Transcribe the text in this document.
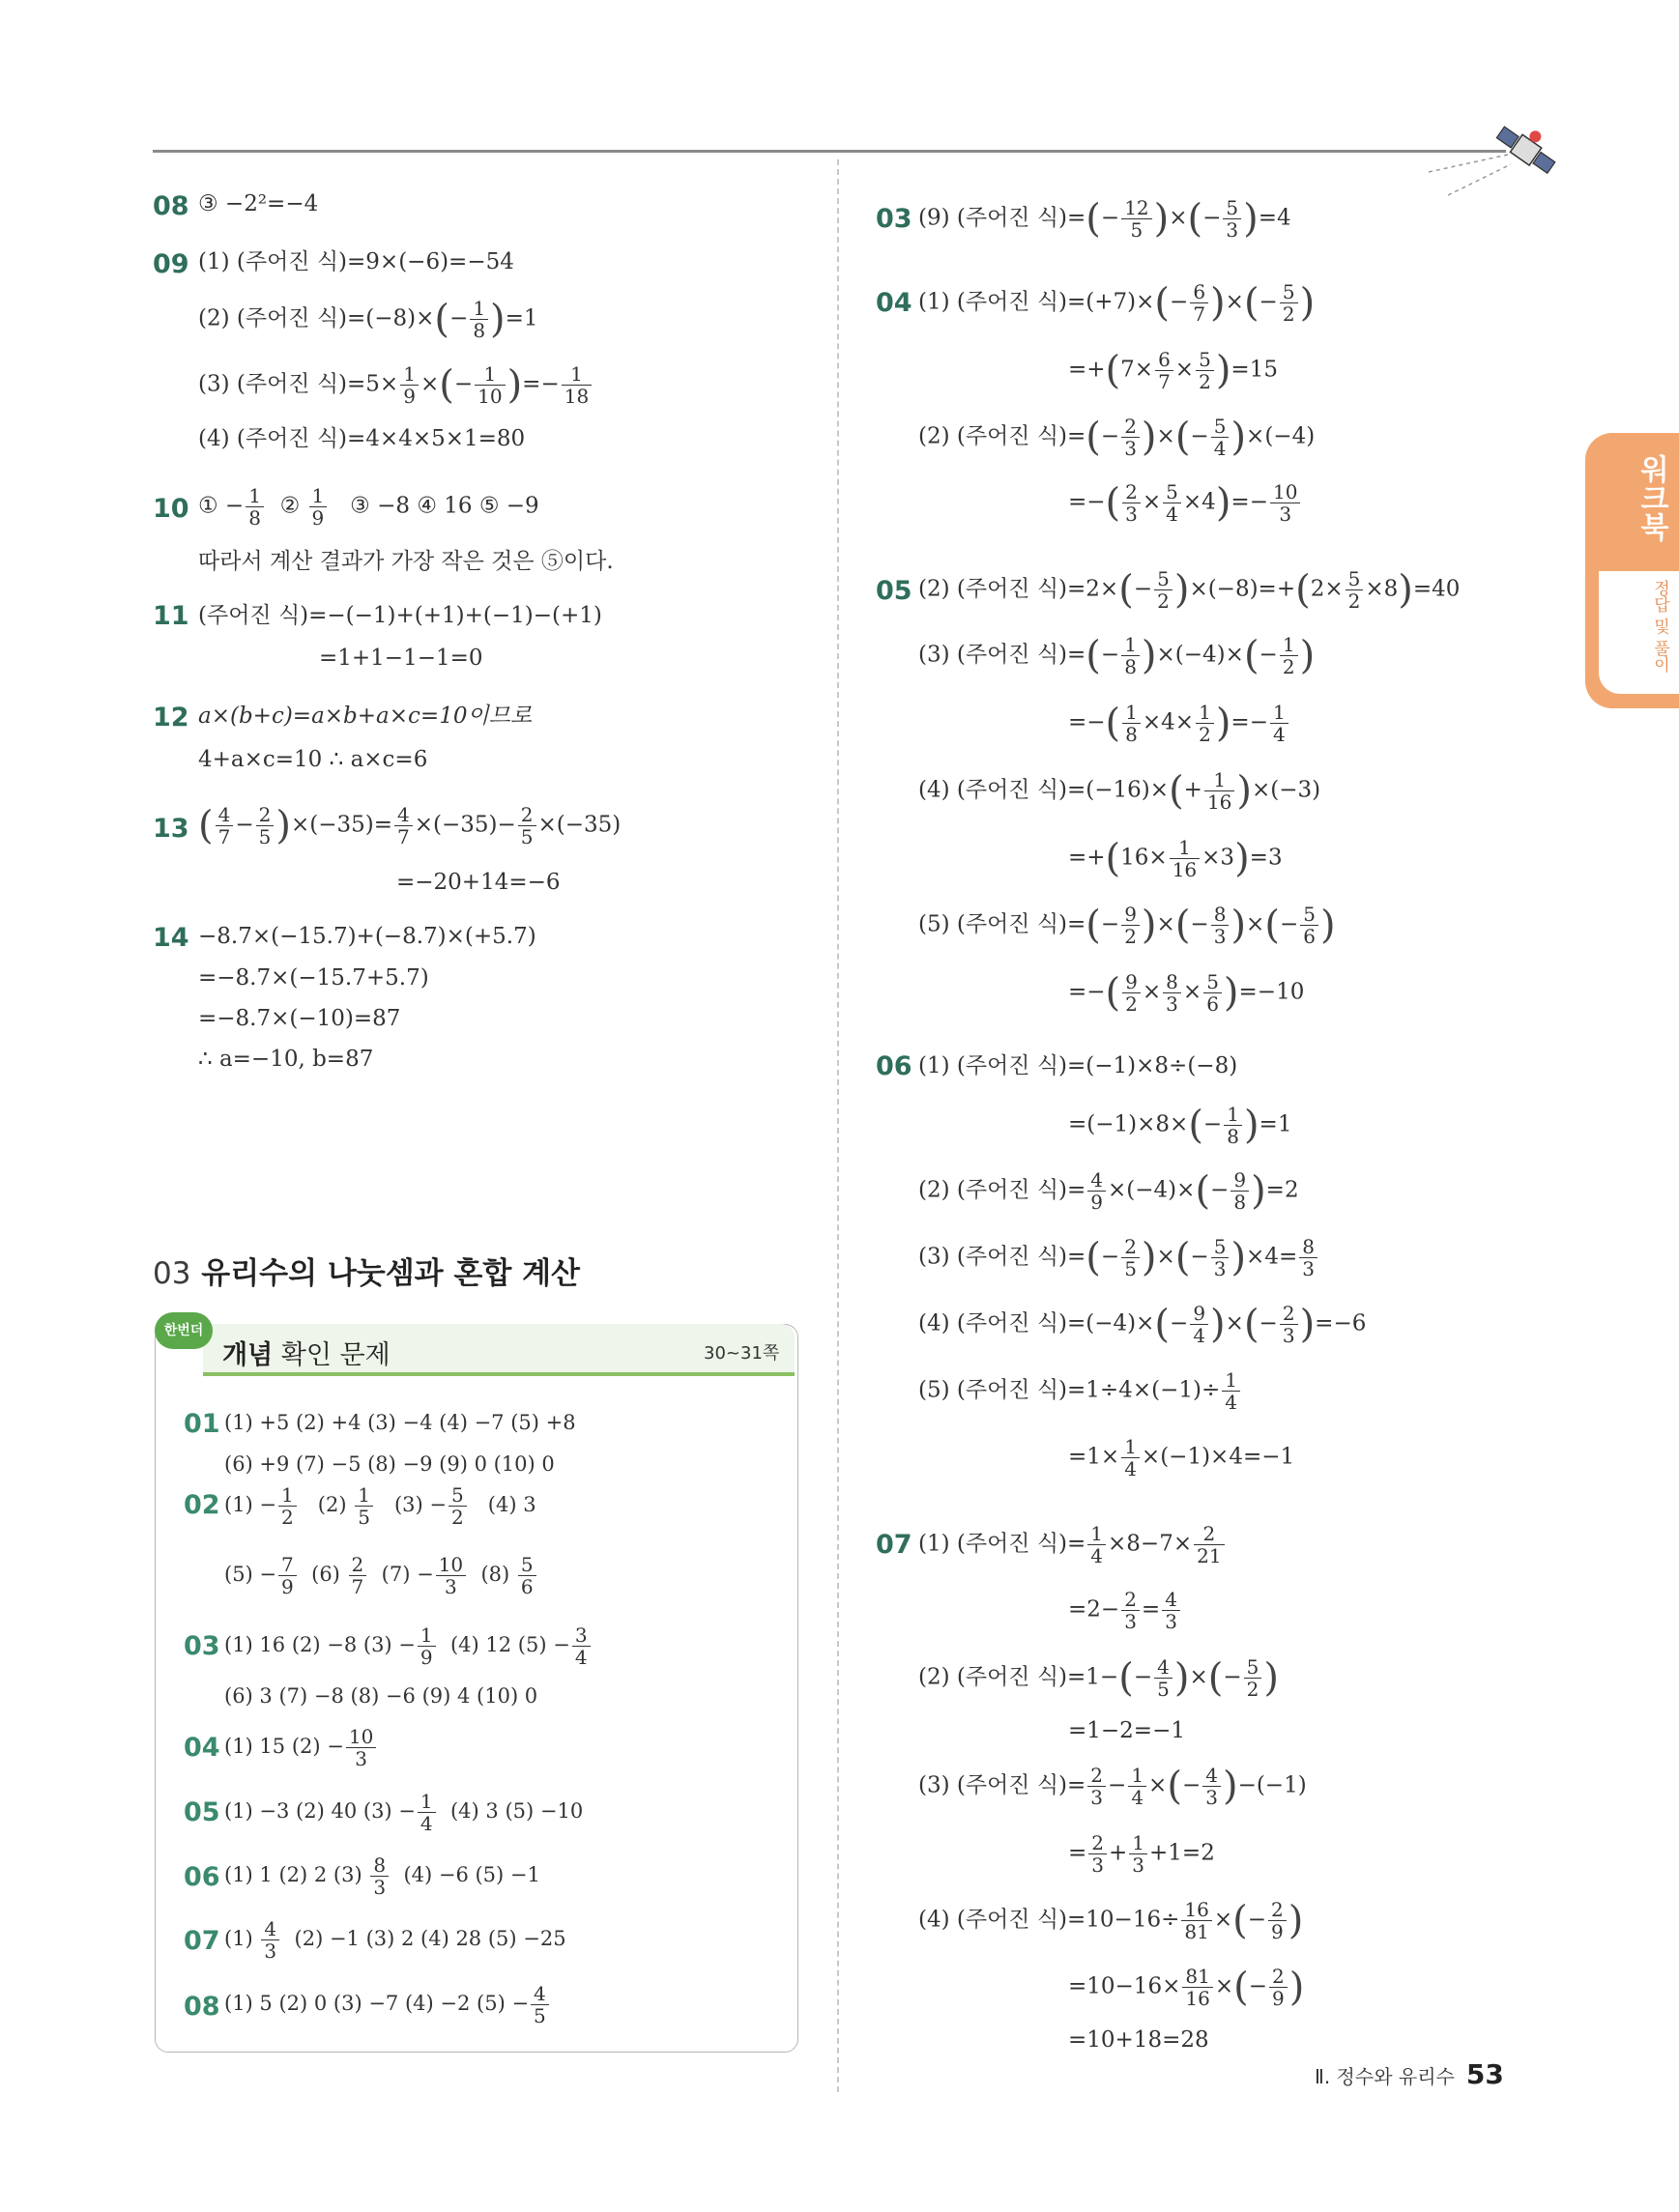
워크북
정답 및 풀이
08 ③ −2²=−4
09 (1) (주어진 식)=9×(−6)=−54
(2) (주어진 식)$=(-8)\times(- \frac{1}{8} )=1$
(3) (주어진 식)$=5\times \frac{1}{9}$ ×(− $\frac{1}{10}$ )=− $\frac{1}{18}$
(4) (주어진 식)=4×4×5×1=80
10 ① − $\frac{1}{8}$ ② $\frac{1}{9}$ ③ −8 ④ 16 ⑤ −9
따라서 계산 결과가 가장 작은 것은 ⑤이다.
11 (주어진 식)=−(−1)+(+1)+(−1)−(+1)
=1+1−1−1=0
12 a×(b+c)=a×b+a×c=10이므로
4+a×c=10 ∴ a×c=6
13 ( $\frac{4}{7} - \frac{2}{5} )\times(-35)= \frac{4}{7} \times(-35)- \frac{2}{5} \times(-35)$
=−20+14=−6
14 −8.7×(−15.7)+(−8.7)×(+5.7)
=−8.7×(−15.7+5.7)
=−8.7×(−10)=87
∴ a=−10, b=87
03 유리수의 나눗셈과 혼합 계산
한번더
개념 확인 문제	30~31쪽
01 (1) +5 (2) +4 (3) −4 (4) −7 (5) +8
(6) +9 (7) −5 (8) −9 (9) 0 (10) 0
02 $(1) - \frac{1}{2} (2) \frac{1}{5} (3) - \frac{5}{2} (4)$ 3
$(5) - \frac{7}{9} (6) \frac{2}{7} (7) - \frac{10}{3} (8) \frac{5}{6}$
03 (1) 16 (2) −8 $(3) - \frac{1}{9} (4)$ 12 $(5) - \frac{3}{4}$
(6) 3 (7) −8 (8) −6 (9) 4 (10) 0
04 (1) 15 $(2) - \frac{10}{3}$
05 (1) −3 (2) 40 $(3) - \frac{1}{4} (4)$ 3 (5) −10
06 (1) 1 (2) 2 $(3) \frac{8}{3} (4) -6$ (5) −1
07 $(1) \frac{4}{3} (2) -1$ (3) 2 (4) 28 (5) −25
08 (1) 5 (2) 0 (3) −7 (4) −2 $(5) - \frac{4}{5}$
03 (9) (주어진 식)=(− $\frac{12}{5}$ )×(− $\frac{5}{3} )=4$
04 (1) (주어진 식)$=(+7)\times(- \frac{6}{7}$ )×(− $\frac{5}{2}$ )
$=+(7\times \frac{6}{7} \times \frac{5}{2} )=15$
(2) (주어진 식)=(− $\frac{2}{3}$ )×(− $\frac{5}{4} )\times(-4)$
=−( $\frac{2}{3} \times \frac{5}{4} \times 4)=- \frac{10}{3}$
05 (2) (주어진 식)$=2\times(- \frac{5}{2} )\times(-8)=+(2\times \frac{5}{2} \times 8)=40$
(3) (주어진 식)=(− $\frac{1}{8} )\times(-4)\times(- \frac{1}{2}$ )
=−( $\frac{1}{8} \times 4\times \frac{1}{2}$ )=− $\frac{1}{4}$
(4) (주어진 식)$=(-16)\times(+ \frac{1}{16} )\times(-3)$
$=+(16\times \frac{1}{16} \times 3)=3$
(5) (주어진 식)=(− $\frac{9}{2}$ )×(− $\frac{8}{3}$ )×(− $\frac{5}{6}$ )
=−( $\frac{9}{2} \times \frac{8}{3} \times \frac{5}{6} )=-10$
06 (1) (주어진 식)=(−1)×8÷(−8)
$=(-1)\times 8\times(- \frac{1}{8} )=1$
(2) (주어진 식)= $\frac{4}{9} \times(-4)\times(- \frac{9}{8} )=2$
(3) (주어진 식)=(− $\frac{2}{5}$ )×(− $\frac{5}{3} )\times 4= \frac{8}{3}$
(4) (주어진 식)$=(-4)\times(- \frac{9}{4}$ )×(− $\frac{2}{3} )=-6$
(5) (주어진 식)$=1\div 4\times(-1)\div \frac{1}{4}$
$=1\times \frac{1}{4} \times(-1)\times 4=-1$
07 (1) (주어진 식)= $\frac{1}{4} \times 8-7\times \frac{2}{21}$
$=2- \frac{2}{3} = \frac{4}{3}$
(2) (주어진 식)$=1-(- \frac{4}{5}$ )×(− $\frac{5}{2}$ )
=1−2=−1
(3) (주어진 식)= $\frac{2}{3} - \frac{1}{4}$ ×(− $\frac{4}{3} )-(-1)$
= $\frac{2}{3} + \frac{1}{3} +1=2$
(4) (주어진 식)$=10-16\div \frac{16}{81}$ ×(− $\frac{2}{9}$ )
$=10-16\times \frac{81}{16}$ ×(− $\frac{2}{9}$ )
=10+18=28
Ⅱ. 정수와 유리수 53
